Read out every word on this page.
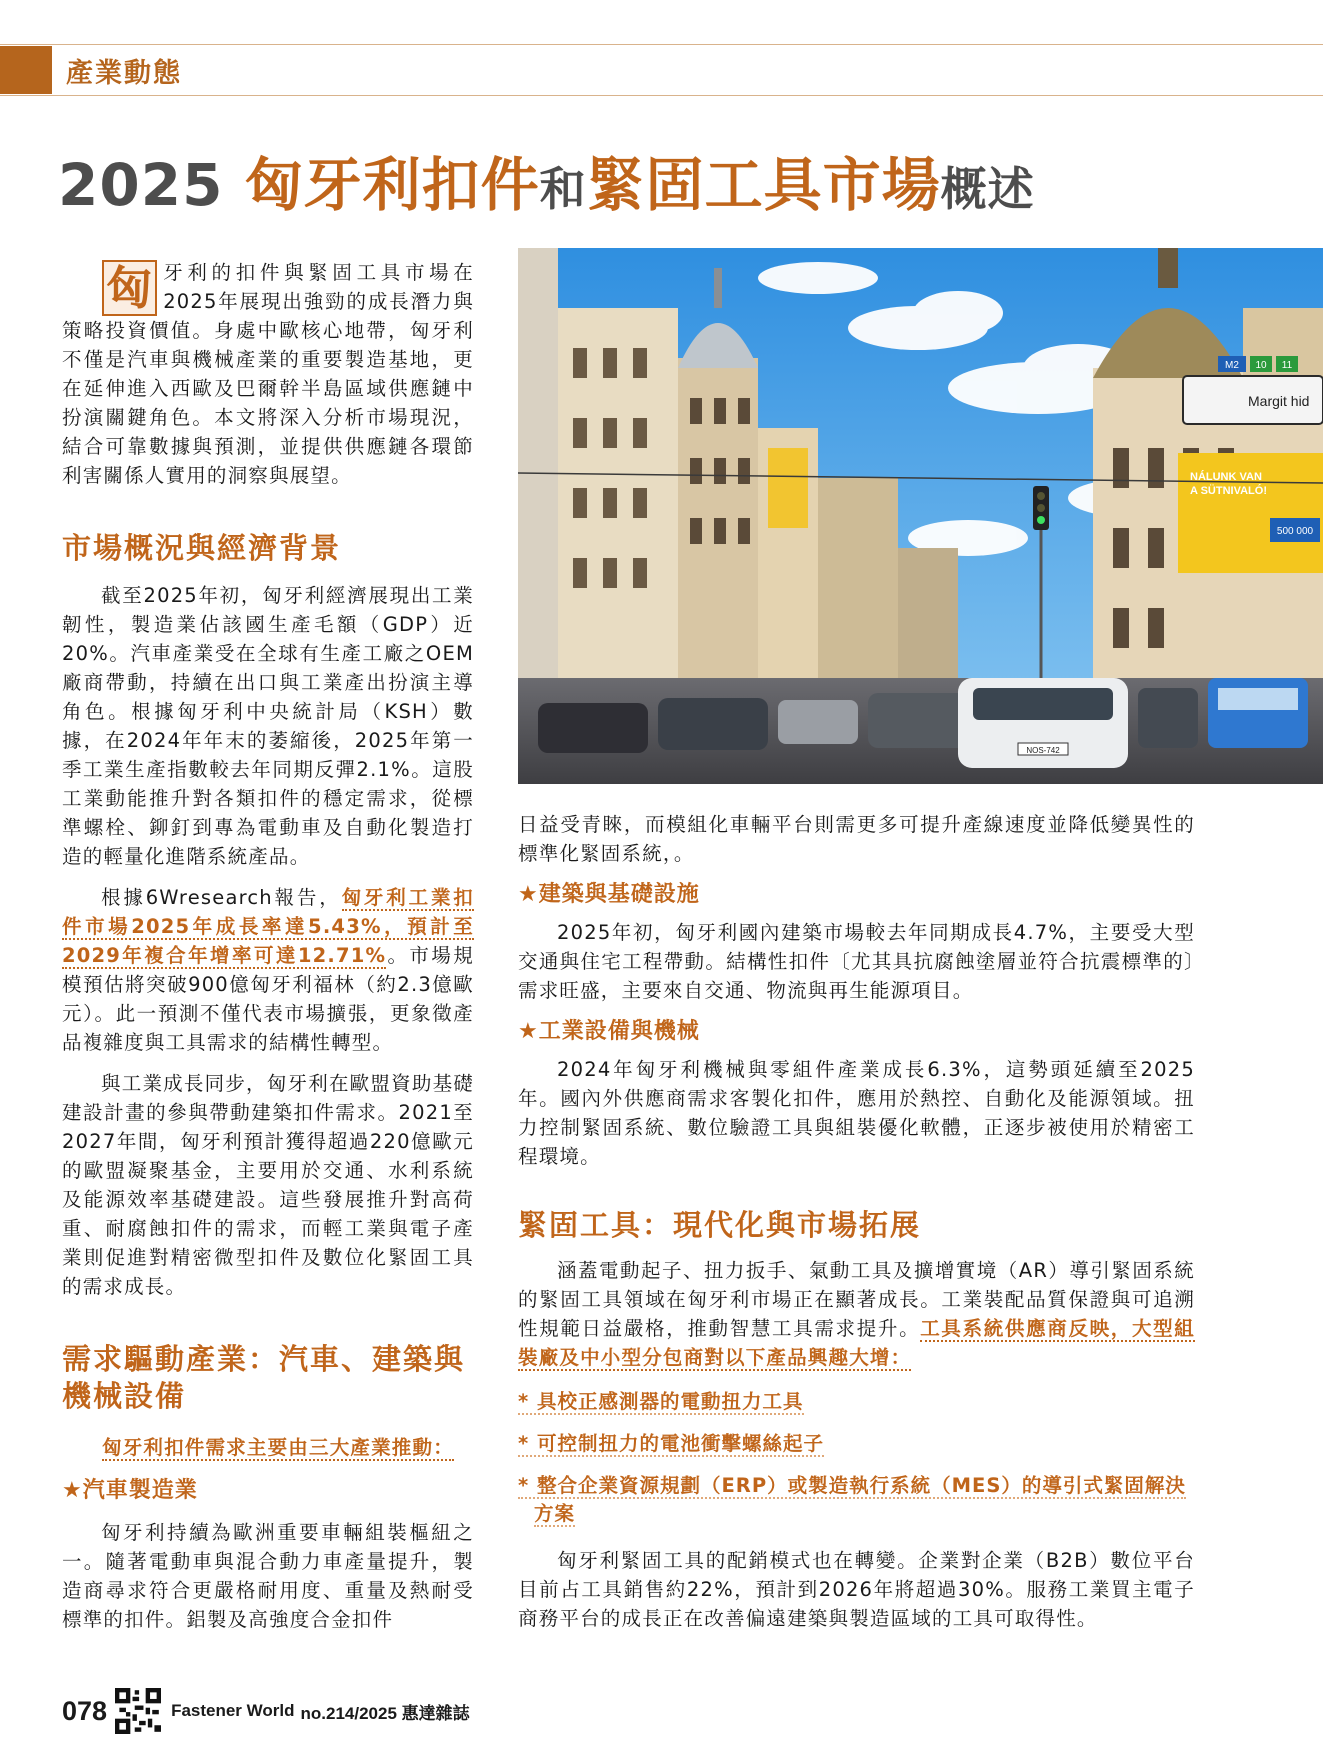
產業動態
2025 匈牙利扣件和緊固工具市場概述

匈 牙利的扣件與緊固工具市場在2025年展現出強勁的成長潛力與策略投資價值。身處中歐核心地帶，匈牙利不僅是汽車與機械產業的重要製造基地，更在延伸進入西歐及巴爾幹半島區域供應鏈中扮演關鍵角色。本文將深入分析市場現況，結合可靠數據與預測，並提供供應鏈各環節利害關係人實用的洞察與展望。

市場概況與經濟背景

截至2025年初，匈牙利經濟展現出工業韌性，製造業佔該國生產毛額（GDP）近20%。汽車產業受在全球有生產工廠之OEM廠商帶動，持續在出口與工業產出扮演主導角色。根據匈牙利中央統計局（KSH）數據，在2024年年末的萎縮後，2025年第一季工業生產指數較去年同期反彈2.1%。這股工業動能推升對各類扣件的穩定需求，從標準螺栓、鉚釘到專為電動車及自動化製造打造的輕量化進階系統產品。

根據6Wresearch報告，匈牙利工業扣件市場2025年成長率達5.43%，預計至2029年複合年增率可達12.71%。市場規模預估將突破900億匈牙利福林（約2.3億歐元）。此一預測不僅代表市場擴張，更象徵產品複雜度與工具需求的結構性轉型。

與工業成長同步，匈牙利在歐盟資助基礎建設計畫的參與帶動建築扣件需求。2021至2027年間，匈牙利預計獲得超過220億歐元的歐盟凝聚基金，主要用於交通、水利系統及能源效率基礎建設。這些發展推升對高荷重、耐腐蝕扣件的需求，而輕工業與電子產業則促進對精密微型扣件及數位化緊固工具的需求成長。

需求驅動產業：汽車、建築與機械設備

匈牙利扣件需求主要由三大產業推動：

★汽車製造業

匈牙利持續為歐洲重要車輛組裝樞紐之一。隨著電動車與混合動力車產量提升，製造商尋求符合更嚴格耐用度、重量及熱耐受標準的扣件。鋁製及高強度合金扣件

M2 10 11
Margit hid
NÁLUNK VAN
A SÜTNIVALÓ!
500 000
NOS-742

日益受青睞，而模組化車輛平台則需更多可提升產線速度並降低變異性的標準化緊固系統，。

★建築與基礎設施

2025年初，匈牙利國內建築市場較去年同期成長4.7%，主要受大型交通與住宅工程帶動。結構性扣件〔尤其具抗腐蝕塗層並符合抗震標準的〕需求旺盛，主要來自交通、物流與再生能源項目。

★工業設備與機械

2024年匈牙利機械與零組件產業成長6.3%，這勢頭延續至2025年。國內外供應商需求客製化扣件，應用於熱控、自動化及能源領域。扭力控制緊固系統、數位驗證工具與組裝優化軟體，正逐步被使用於精密工程環境。

緊固工具：現代化與市場拓展

涵蓋電動起子、扭力扳手、氣動工具及擴增實境（AR）導引緊固系統的緊固工具領域在匈牙利市場正在顯著成長。工業裝配品質保證與可追溯性規範日益嚴格，推動智慧工具需求提升。工具系統供應商反映，大型組裝廠及中小型分包商對以下產品興趣大增：

* 具校正感測器的電動扭力工具
* 可控制扭力的電池衝擊螺絲起子
* 整合企業資源規劃（ERP）或製造執行系統（MES）的導引式緊固解決方案

匈牙利緊固工具的配銷模式也在轉變。企業對企業（B2B）數位平台目前占工具銷售約22%，預計到2026年將超過30%。服務工業買主電子商務平台的成長正在改善偏遠建築與製造區域的工具可取得性。

078	Fastener World no.214/2025 惠達雜誌
